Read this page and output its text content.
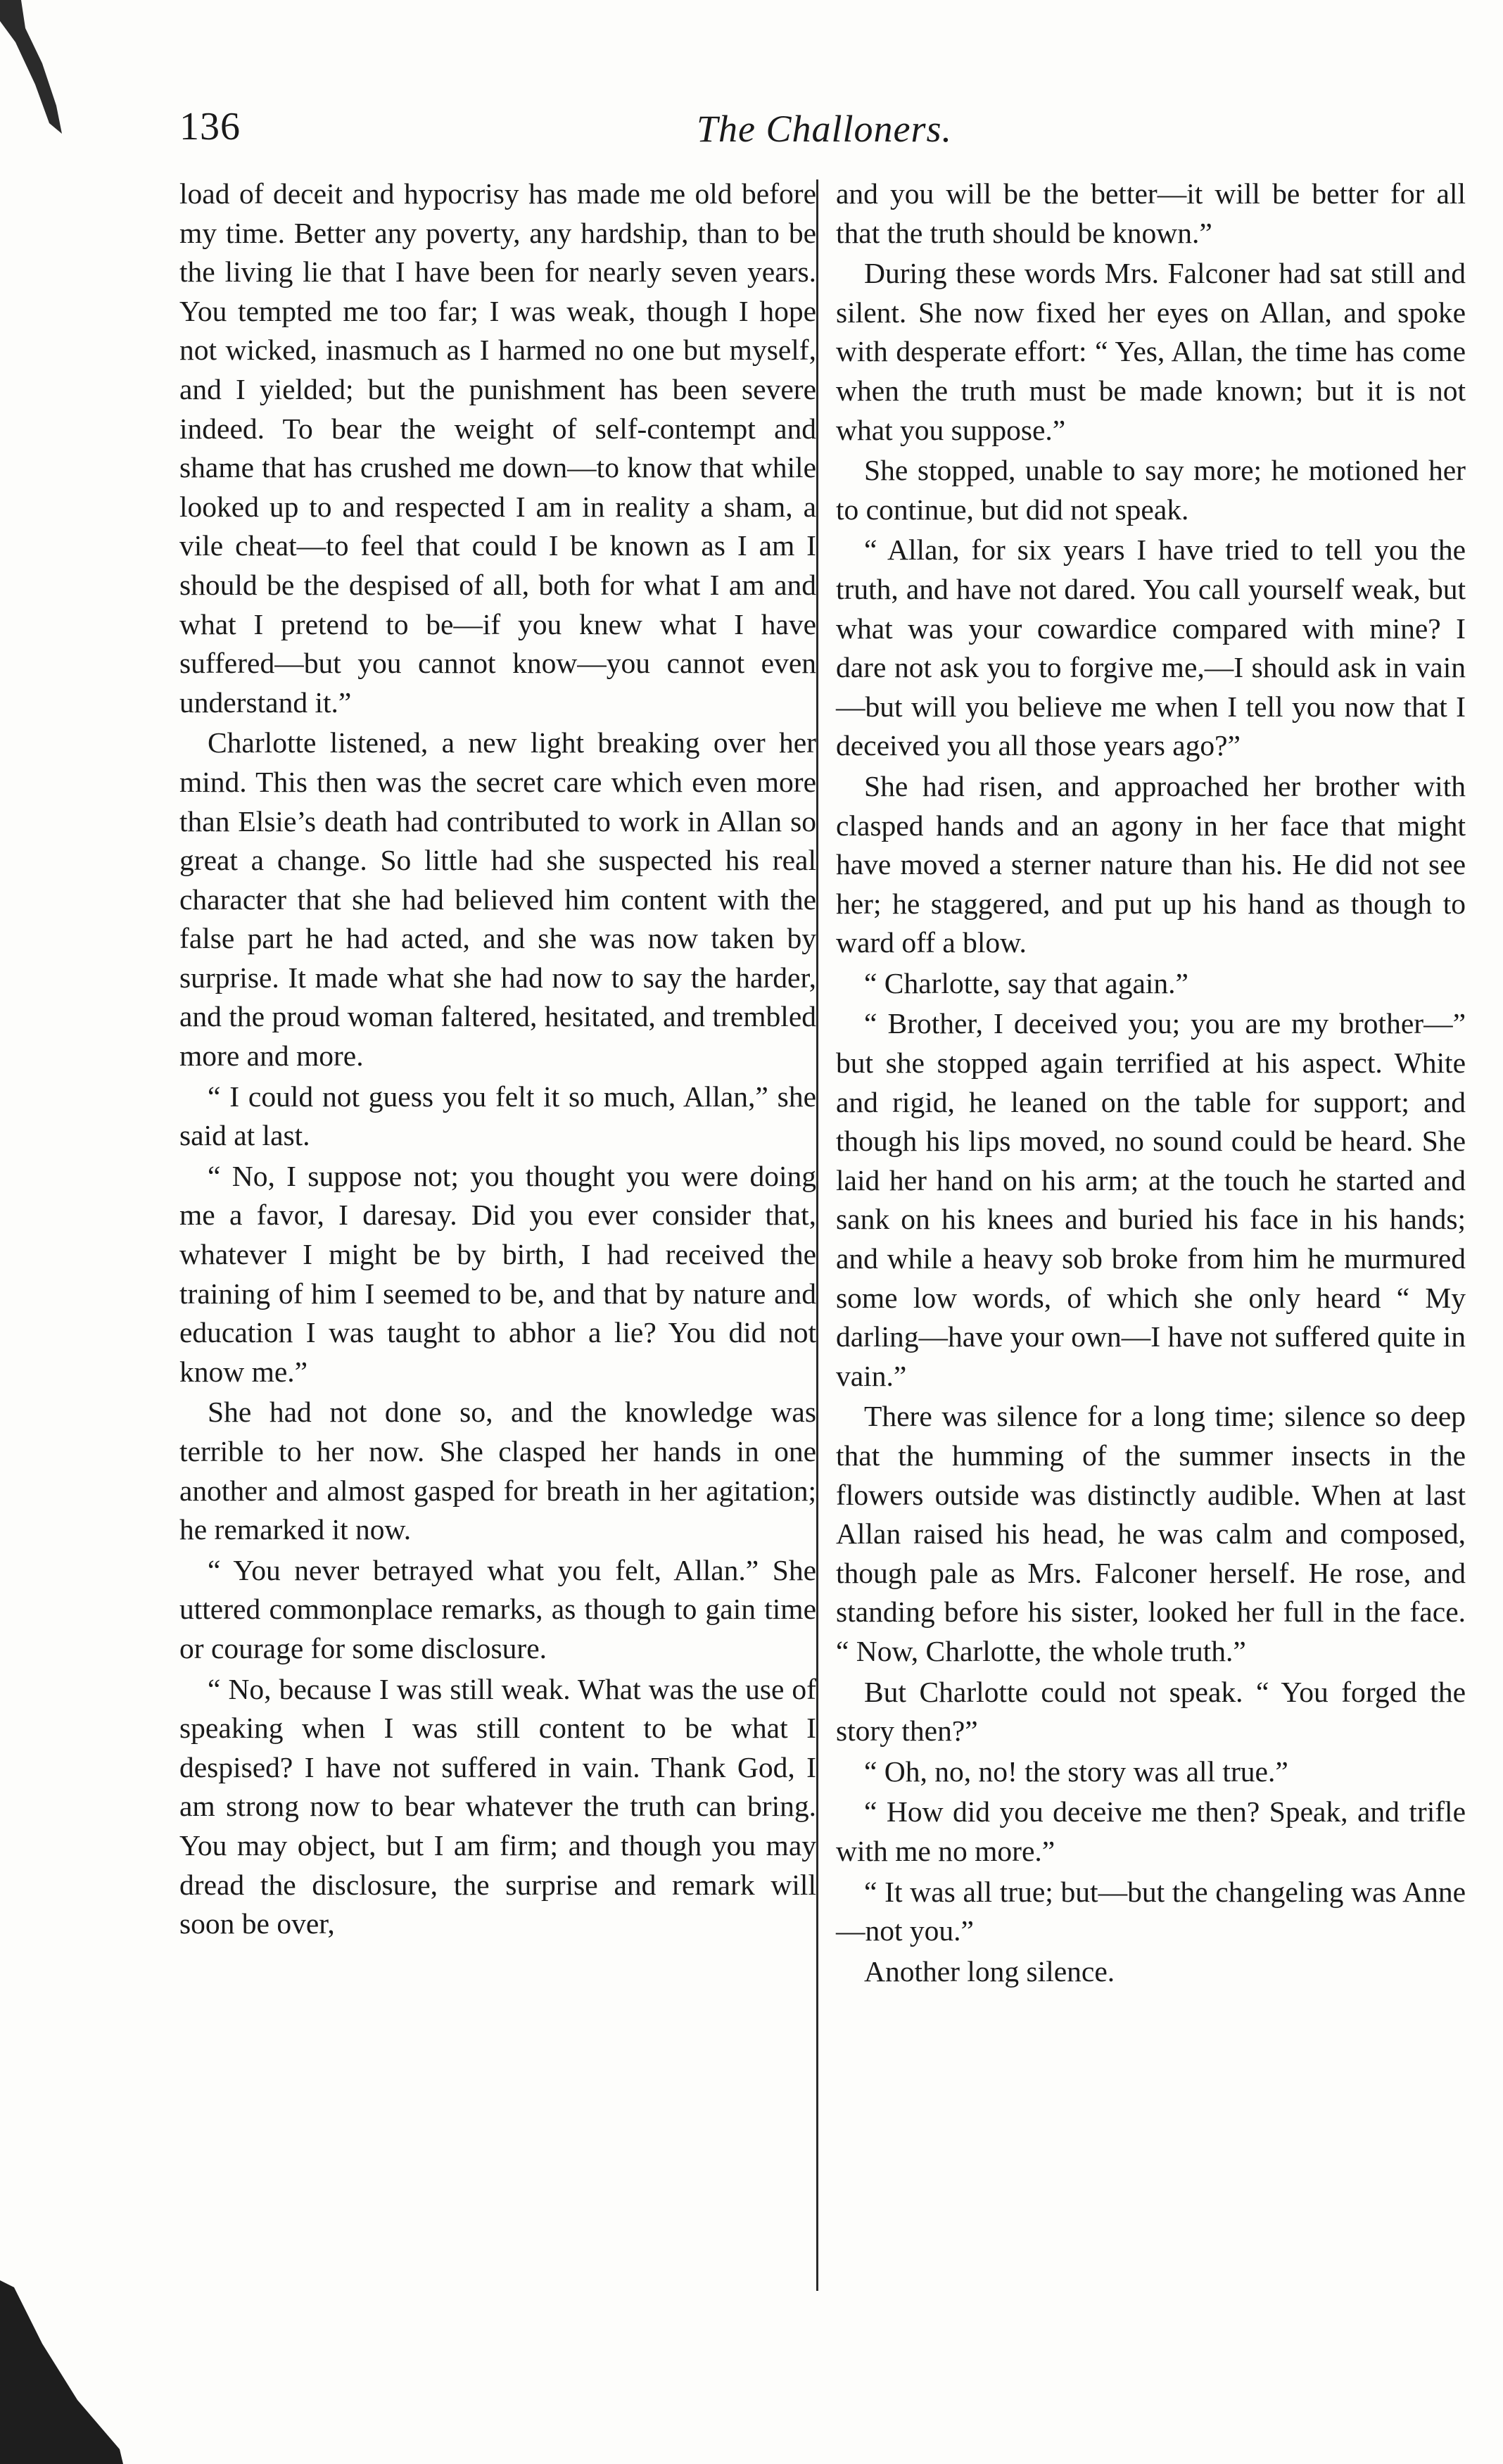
136	The Challoners.

load of deceit and hypocrisy has made me old before my time. Better any poverty, any hardship, than to be the living lie that I have been for nearly seven years. You tempted me too far; I was weak, though I hope not wicked, inasmuch as I harmed no one but myself, and I yielded; but the punishment has been severe indeed. To bear the weight of self-contempt and shame that has crushed me down—to know that while looked up to and respected I am in reality a sham, a vile cheat—to feel that could I be known as I am I should be the despised of all, both for what I am and what I pretend to be—if you knew what I have suffered—but you cannot know—you cannot even understand it.”

Charlotte listened, a new light breaking over her mind. This then was the secret care which even more than Elsie’s death had contributed to work in Allan so great a change. So little had she suspected his real character that she had believed him content with the false part he had acted, and she was now taken by surprise. It made what she had now to say the harder, and the proud woman faltered, hesitated, and trembled more and more.

“ I could not guess you felt it so much, Allan,” she said at last.

“ No, I suppose not; you thought you were doing me a favor, I daresay. Did you ever consider that, whatever I might be by birth, I had received the training of him I seemed to be, and that by nature and education I was taught to abhor a lie? You did not know me.”

She had not done so, and the knowledge was terrible to her now. She clasped her hands in one another and almost gasped for breath in her agitation; he remarked it now.

“ You never betrayed what you felt, Allan.” She uttered commonplace remarks, as though to gain time or courage for some disclosure.

“ No, because I was still weak. What was the use of speaking when I was still content to be what I despised? I have not suffered in vain. Thank God, I am strong now to bear whatever the truth can bring. You may object, but I am firm; and though you may dread the disclosure, the surprise and remark will soon be over,

and you will be the better—it will be better for all that the truth should be known.”

During these words Mrs. Falconer had sat still and silent. She now fixed her eyes on Allan, and spoke with desperate effort: “ Yes, Allan, the time has come when the truth must be made known; but it is not what you suppose.”

She stopped, unable to say more; he motioned her to continue, but did not speak.

“ Allan, for six years I have tried to tell you the truth, and have not dared. You call yourself weak, but what was your cowardice compared with mine? I dare not ask you to forgive me,—I should ask in vain—but will you believe me when I tell you now that I deceived you all those years ago?”

She had risen, and approached her brother with clasped hands and an agony in her face that might have moved a sterner nature than his. He did not see her; he staggered, and put up his hand as though to ward off a blow.

“ Charlotte, say that again.”

“ Brother, I deceived you; you are my brother—” but she stopped again terrified at his aspect. White and rigid, he leaned on the table for support; and though his lips moved, no sound could be heard. She laid her hand on his arm; at the touch he started and sank on his knees and buried his face in his hands; and while a heavy sob broke from him he murmured some low words, of which she only heard “ My darling—have your own—I have not suffered quite in vain.”

There was silence for a long time; silence so deep that the humming of the summer insects in the flowers outside was distinctly audible. When at last Allan raised his head, he was calm and composed, though pale as Mrs. Falconer herself. He rose, and standing before his sister, looked her full in the face. “ Now, Charlotte, the whole truth.”

But Charlotte could not speak. “ You forged the story then?”

“ Oh, no, no! the story was all true.”

“ How did you deceive me then? Speak, and trifle with me no more.”

“ It was all true; but—but the changeling was Anne—not you.”

Another long silence.
